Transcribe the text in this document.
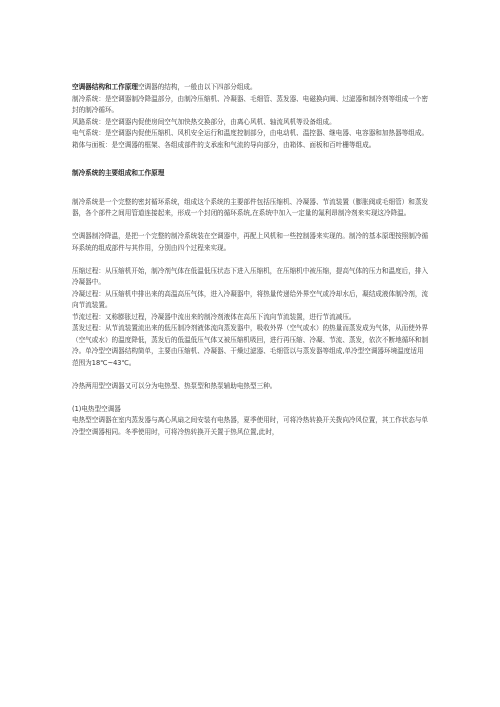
空调器结构和工作原理空调器的结构，一般由以下四部分组成。

制冷系统：是空调器制冷降温部分，由制冷压缩机、冷凝器、毛细管、蒸发器、电磁换向阀、过滤器和制冷剂等组成一个密封的制冷循环。

风路系统：是空调器内促使房间空气加快热交换部分，由离心风机、轴流风机等设备组成。

电气系统：是空调器内促使压缩机、风机安全运行和温度控制部分，由电动机、温控器、继电器、电容器和加热器等组成。

箱体与面板：是空调器的框架、各组成部件的支承座和气流的导向部分，由箱体、面板和百叶栅等组成。

制冷系统的主要组成和工作原理

制冷系统是一个完整的密封循环系统，组成这个系统的主要部件包括压缩机、冷凝器、节流装置（膨胀阀或毛细管）和蒸发器，各个部件之间用管道连接起来，形成一个封闭的循环系统,在系统中加入一定量的氟利昂制冷剂来实现这冷降温。

空调器制冷降温，是把一个完整的制冷系统装在空调器中，再配上风机和一些控制器来实现的。制冷的基本原理按照制冷循环系统的组成部件与其作用，分别由四个过程来实现。

压缩过程：从压缩机开始，制冷剂气体在低温低压状态下进入压缩机，在压缩机中被压缩，提高气体的压力和温度后，排入冷凝器中。

冷凝过程：从压缩机中排出来的高温高压气体，进入冷凝器中，将热量传递给外界空气或冷却水后，凝结成液体制冷剂，流向节流装置。

节流过程：又称膨胀过程，冷凝器中流出来的制冷剂液体在高压下流向节流装置，进行节流减压。

蒸发过程：从节流装置流出来的低压制冷剂液体流向蒸发器中，吸收外界（空气或水）的热量而蒸发成为气体，从而使外界（空气或水）的温度降低，蒸发后的低温低压气体又被压缩机吸回，进行再压缩、冷凝、节流、蒸发，依次不断地循环和制冷。单冷型空调器结构简单，主要由压缩机、冷凝器、干燥过滤器、毛细管以与蒸发器等组成,单冷型空调器环境温度适用范围为18℃~43℃。

冷热两用型空调器又可以分为电热型、热泵型和热泵辅助电热型三种。

(1)电热型空调器

电热型空调器在室内蒸发器与离心风扇之间安装有电热器，夏季使用时，可将冷热转换开关拨向冷风位置，其工作状态与单冷型空调器相同。冬季使用时，可将冷热转换开关置于热风位置,此时，
